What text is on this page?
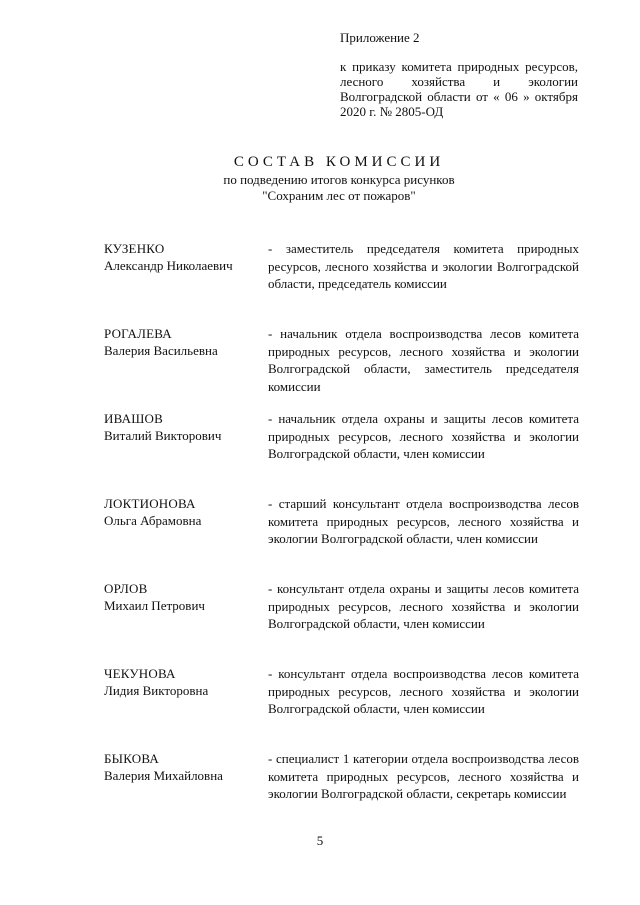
Приложение 2
к приказу комитета природных ресурсов, лесного хозяйства и экологии Волгоградской области от « 06 » октября 2020 г. № 2805-ОД
СОСТАВ КОМИССИИ
по подведению итогов конкурса рисунков
"Сохраним лес от пожаров"
КУЗЕНКО
Александр Николаевич
- заместитель председателя комитета природных ресурсов, лесного хозяйства и экологии Волгоградской области, председатель комиссии
РОГАЛЕВА
Валерия Васильевна
- начальник отдела воспроизводства лесов комитета природных ресурсов, лесного хозяйства и экологии Волгоградской области, заместитель председателя комиссии
ИВАШОВ
Виталий Викторович
- начальник отдела охраны и защиты лесов комитета природных ресурсов, лесного хозяйства и экологии Волгоградской области, член комиссии
ЛОКТИОНОВА
Ольга Абрамовна
- старший консультант отдела воспроизводства лесов комитета природных ресурсов, лесного хозяйства и экологии Волгоградской области, член комиссии
ОРЛОВ
Михаил Петрович
- консультант отдела охраны и защиты лесов комитета природных ресурсов, лесного хозяйства и экологии Волгоградской области, член комиссии
ЧЕКУНОВА
Лидия Викторовна
- консультант отдела воспроизводства лесов комитета природных ресурсов, лесного хозяйства и экологии Волгоградской области, член комиссии
БЫКОВА
Валерия Михайловна
- специалист 1 категории отдела воспроизводства лесов комитета природных ресурсов, лесного хозяйства и экологии Волгоградской области, секретарь комиссии
5
